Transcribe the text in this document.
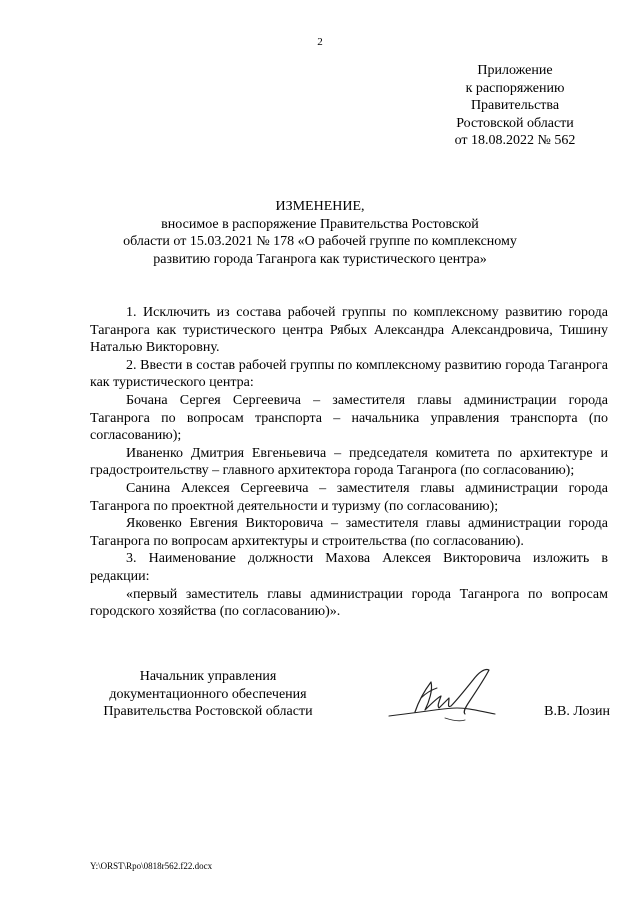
2
Приложение
к распоряжению
Правительства
Ростовской области
от 18.08.2022 № 562
ИЗМЕНЕНИЕ,
вносимое в распоряжение Правительства Ростовской
области от 15.03.2021 № 178 «О рабочей группе по комплексному
развитию города Таганрога как туристического центра»

1. Исключить из состава рабочей группы по комплексному развитию города Таганрога как туристического центра Рябых Александра Александровича, Тишину Наталью Викторовну.

2. Ввести в состав рабочей группы по комплексному развитию города Таганрога как туристического центра:

Бочана Сергея Сергеевича – заместителя главы администрации города Таганрога по вопросам транспорта – начальника управления транспорта (по согласованию);

Иваненко Дмитрия Евгеньевича – председателя комитета по архитектуре и градостроительству – главного архитектора города Таганрога (по согласованию);

Санина Алексея Сергеевича – заместителя главы администрации города Таганрога по проектной деятельности и туризму (по согласованию);

Яковенко Евгения Викторовича – заместителя главы администрации города Таганрога по вопросам архитектуры и строительства (по согласованию).

3. Наименование должности Махова Алексея Викторовича изложить в редакции:

«первый заместитель главы администрации города Таганрога по вопросам городского хозяйства (по согласованию)».

Начальник управления
документационного обеспечения
Правительства Ростовской области	В.В. Лозин
Y:\ORST\Rpo\0818r562.f22.docx
